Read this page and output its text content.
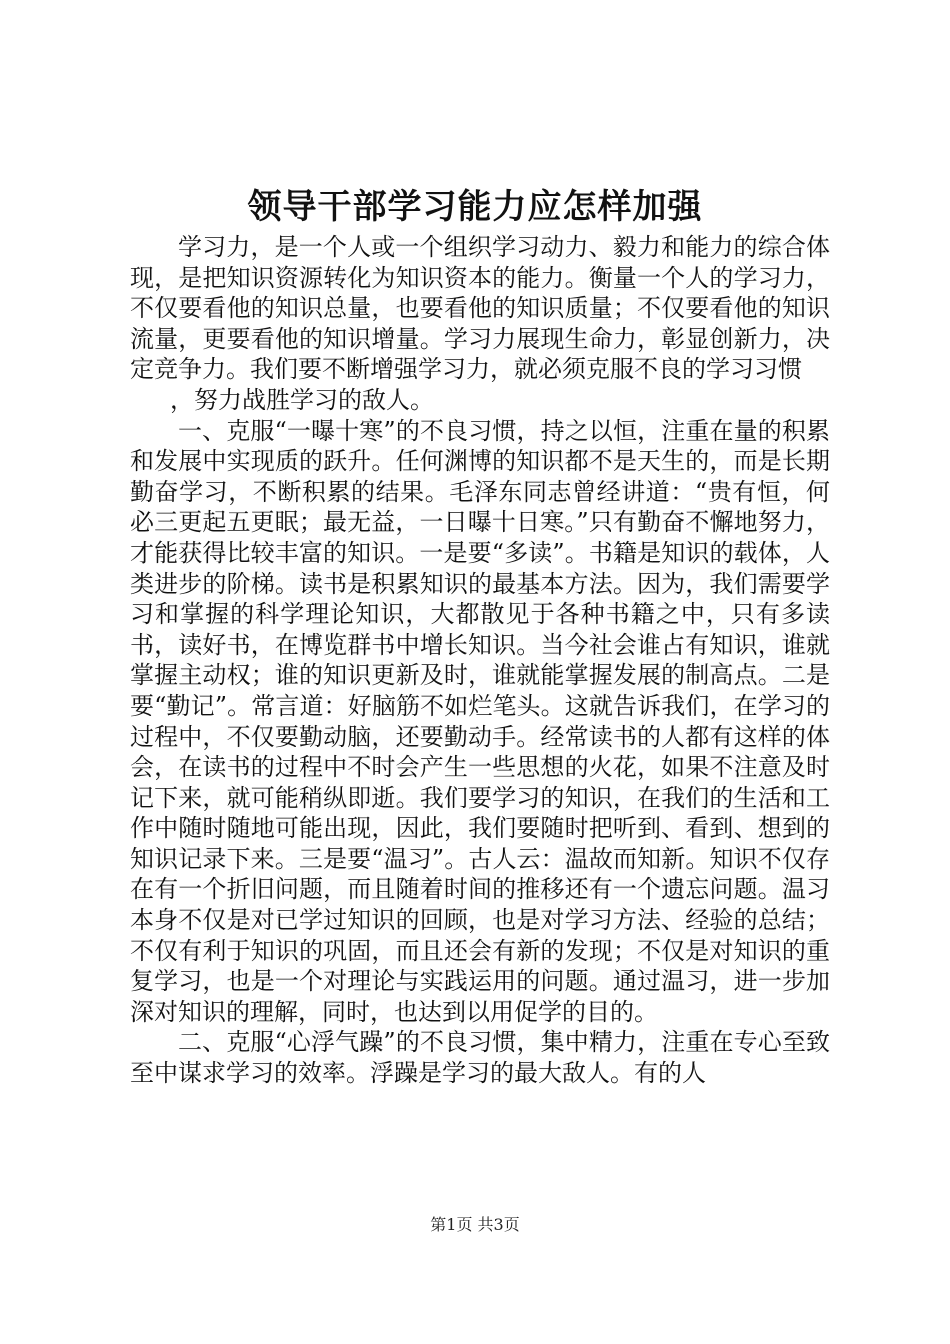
领导干部学习能力应怎样加强

学习力，是一个人或一个组织学习动力、毅力和能力的综合体现，是把知识资源转化为知识资本的能力。衡量一个人的学习力，不仅要看他的知识总量，也要看他的知识质量；不仅要看他的知识流量，更要看他的知识增量。学习力展现生命力，彰显创新力，决定竞争力。我们要不断增强学习力，就必须克服不良的学习习惯

，努力战胜学习的敌人。

一、克服“一曝十寒”的不良习惯，持之以恒，注重在量的积累和发展中实现质的跃升。任何渊博的知识都不是天生的，而是长期勤奋学习，不断积累的结果。毛泽东同志曾经讲道：“贵有恒，何必三更起五更眠；最无益，一日曝十日寒。”只有勤奋不懈地努力，才能获得比较丰富的知识。一是要“多读”。书籍是知识的载体，人类进步的阶梯。读书是积累知识的最基本方法。因为，我们需要学习和掌握的科学理论知识，大都散见于各种书籍之中，只有多读书，读好书，在博览群书中增长知识。当今社会谁占有知识，谁就掌握主动权；谁的知识更新及时，谁就能掌握发展的制高点。二是要“勤记”。常言道：好脑筋不如烂笔头。这就告诉我们，在学习的过程中，不仅要勤动脑，还要勤动手。经常读书的人都有这样的体会，在读书的过程中不时会产生一些思想的火花，如果不注意及时记下来，就可能稍纵即逝。我们要学习的知识，在我们的生活和工作中随时随地可能出现，因此，我们要随时把听到、看到、想到的知识记录下来。三是要“温习”。古人云：温故而知新。知识不仅存在有一个折旧问题，而且随着时间的推移还有一个遗忘问题。温习本身不仅是对已学过知识的回顾，也是对学习方法、经验的总结；不仅有利于知识的巩固，而且还会有新的发现；不仅是对知识的重复学习，也是一个对理论与实践运用的问题。通过温习，进一步加深对知识的理解，同时，也达到以用促学的目的。

二、克服“心浮气躁”的不良习惯，集中精力，注重在专心至致至中谋求学习的效率。浮躁是学习的最大敌人。有的人

第1页 共3页
